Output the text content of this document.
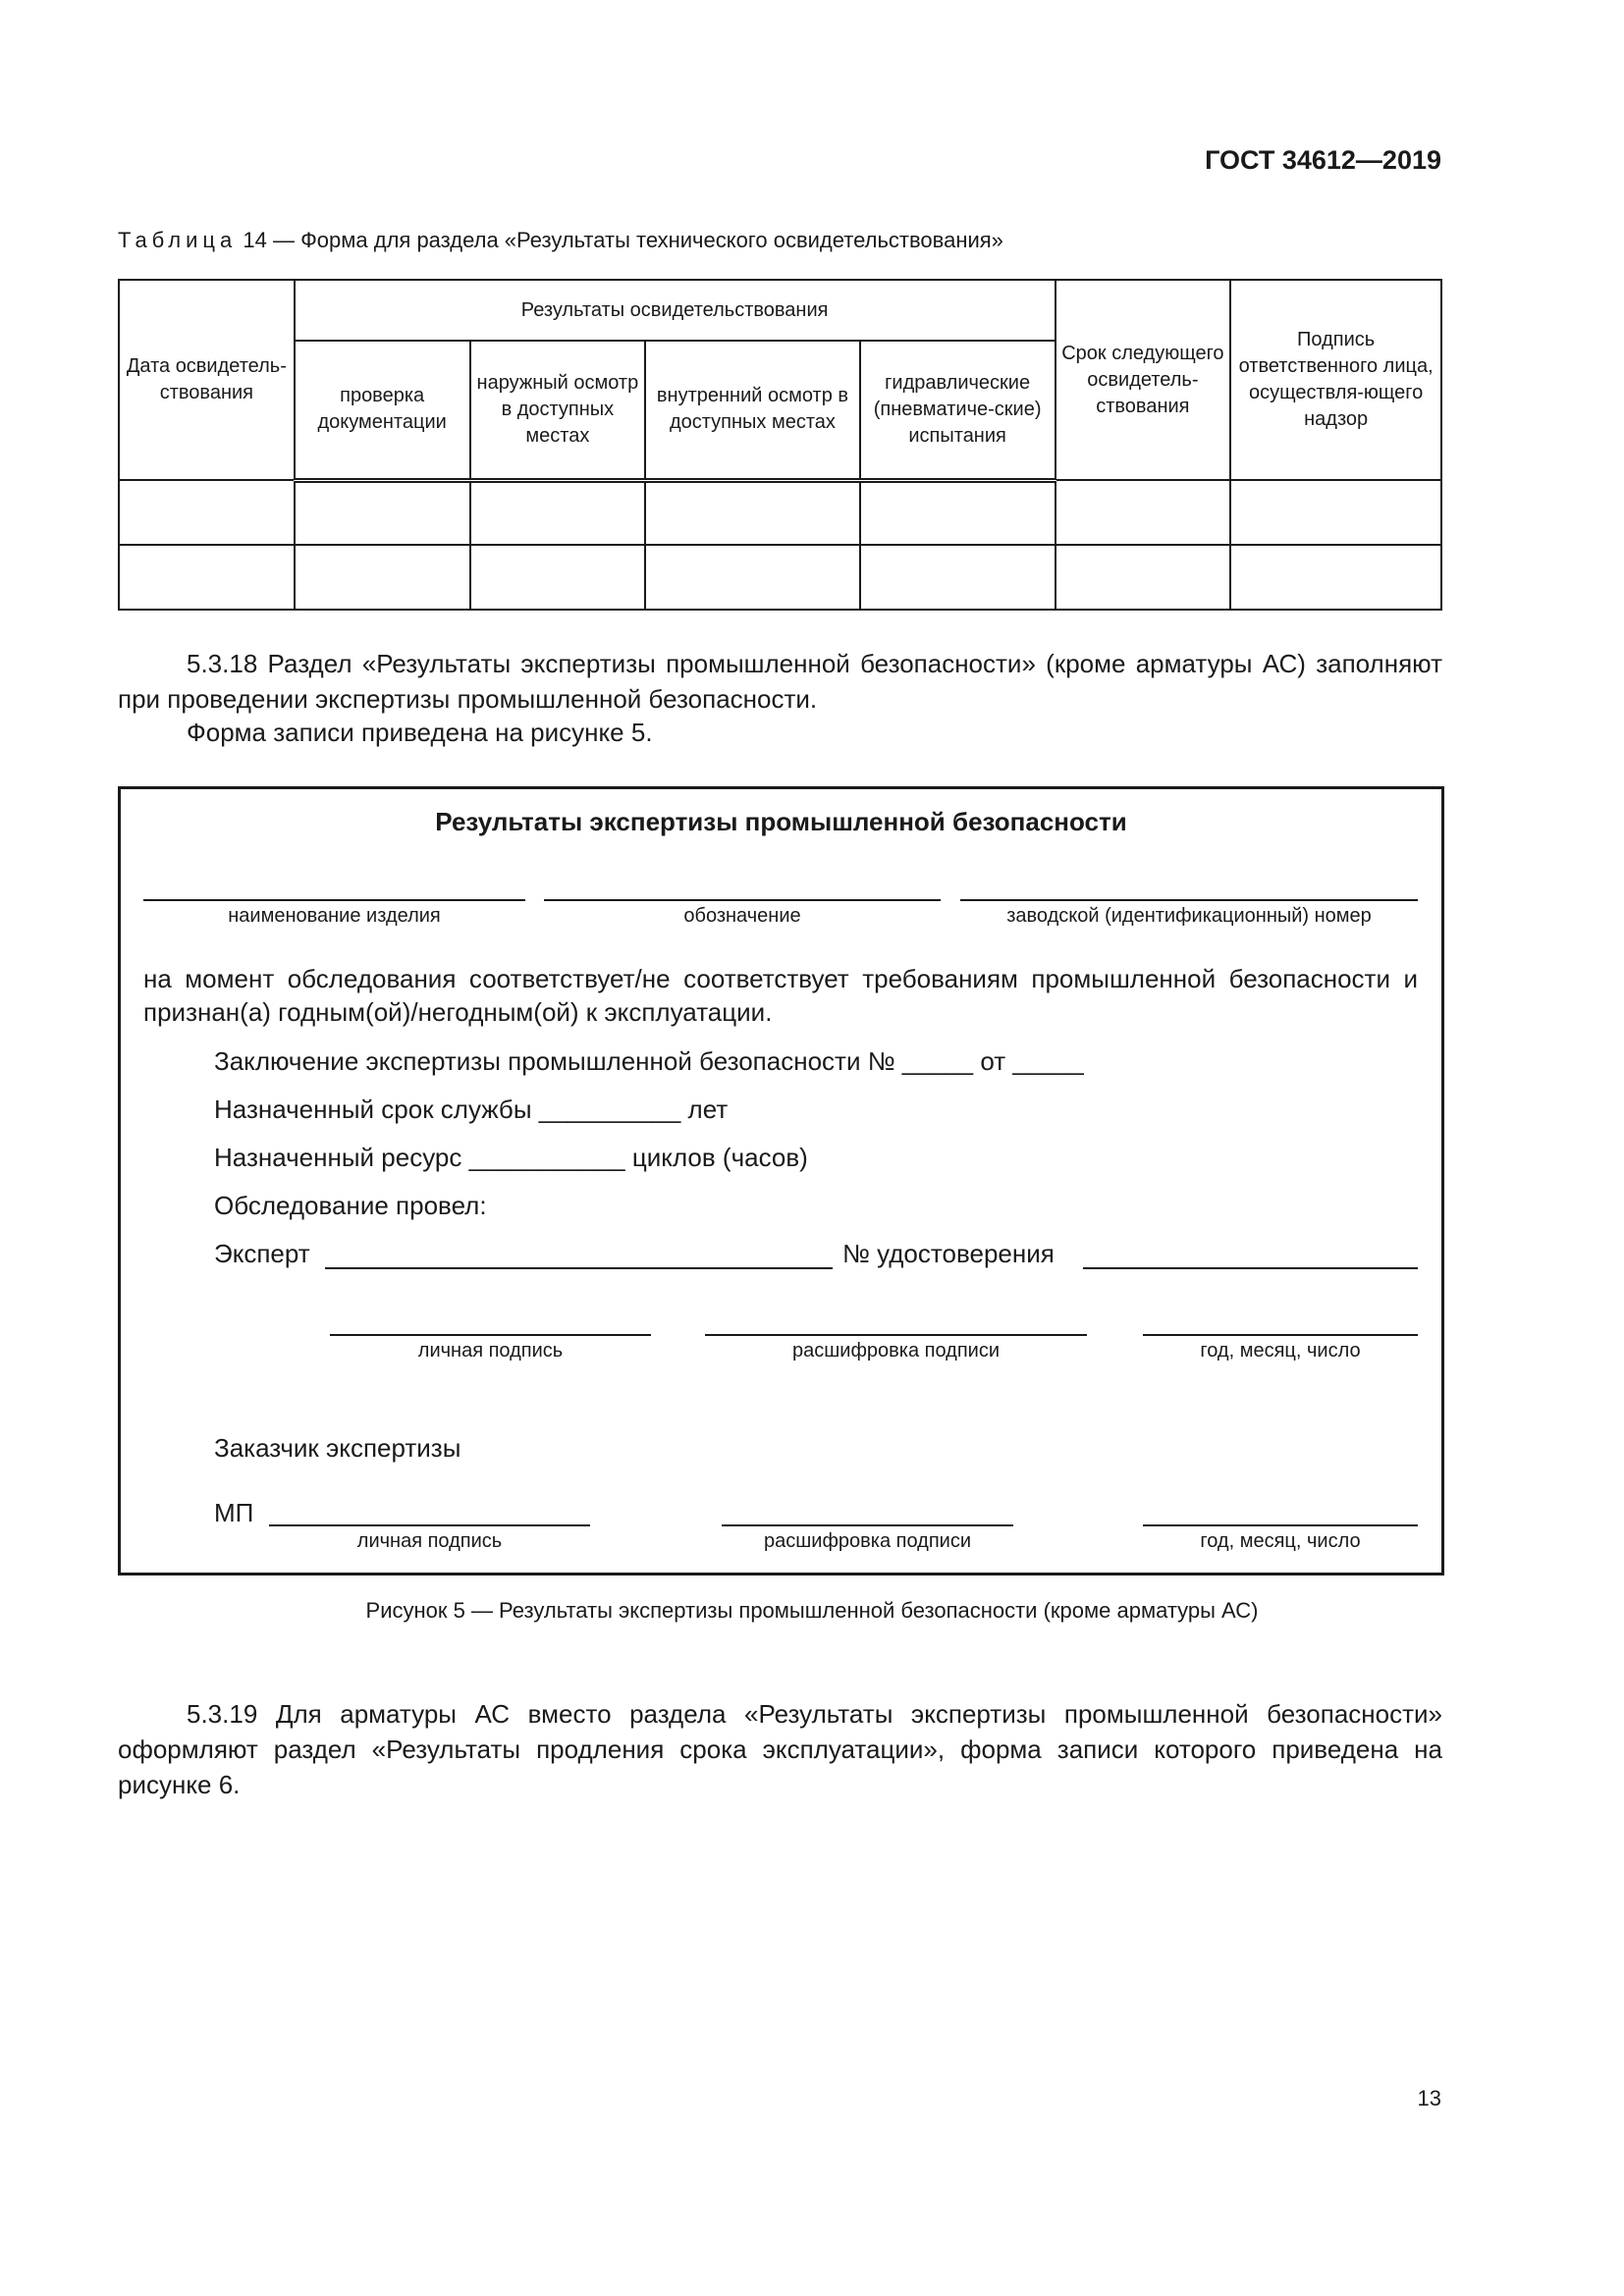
ГОСТ 34612—2019
Таблица 14 — Форма для раздела «Результаты технического освидетельствования»
Дата освидетель-ствования	Результаты освидетельствования				Срок следующего освидетель-ствования	Подпись ответственного лица, осуществля-ющего надзор
	проверка документации	наружный осмотр в доступных местах	внутренний осмотр в доступных местах	гидравлические (пневматиче-ские) испытания		

5.3.18 Раздел «Результаты экспертизы промышленной безопасности» (кроме арматуры АС) заполняют при проведении экспертизы промышленной безопасности.
Форма записи приведена на рисунке 5.
Результаты экспертизы промышленной безопасности
наименование изделия	обозначение	заводской (идентификационный) номер
на момент обследования соответствует/не соответствует требованиям промышленной безопасности и признан(а) годным(ой)/негодным(ой) к эксплуатации.
Заключение экспертизы промышленной безопасности № _____ от _____
Назначенный срок службы __________ лет
Назначенный ресурс ___________ циклов (часов)
Обследование провел:
Эксперт	№ удостоверения
личная подпись	расшифровка подписи	год, месяц, число
Заказчик экспертизы
МП
личная подпись	расшифровка подписи	год, месяц, число
Рисунок 5 — Результаты экспертизы промышленной безопасности (кроме арматуры АС)
5.3.19 Для арматуры АС вместо раздела «Результаты экспертизы промышленной безопасности» оформляют раздел «Результаты продления срока эксплуатации», форма записи которого приведена на рисунке 6.
13
